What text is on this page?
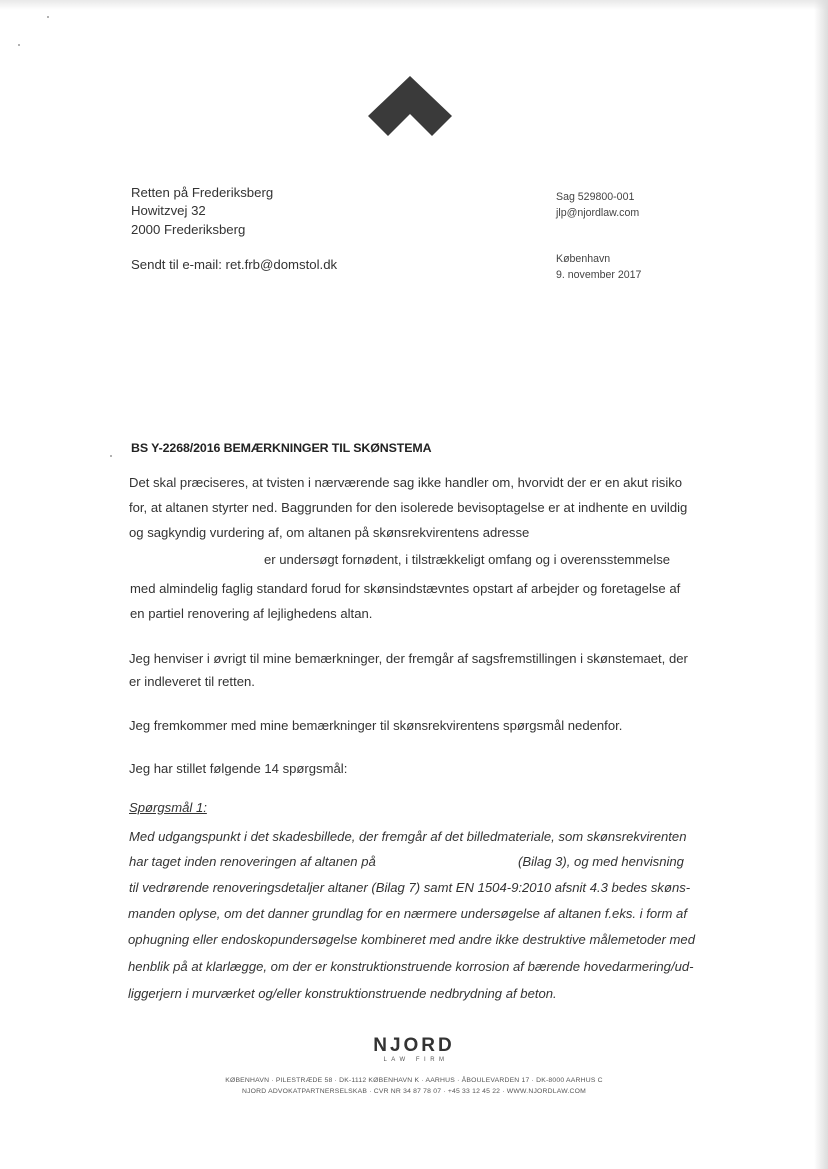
Retten på Frederiksberg
Howitzvej 32
2000 Frederiksberg
Sendt til e-mail: ret.frb@domstol.dk
Sag 529800-001
jlp@njordlaw.com
København
9. november 2017
BS Y-2268/2016 BEMÆRKNINGER TIL SKØNSTEMA
Det skal præciseres, at tvisten i nærværende sag ikke handler om, hvorvidt der er en akut risiko
for, at altanen styrter ned. Baggrunden for den isolerede bevisoptagelse er at indhente en uvildig
og sagkyndig vurdering af, om altanen på skønsrekvirentens adresse
er undersøgt fornødent, i tilstrækkeligt omfang og i overensstemmelse
med almindelig faglig standard forud for skønsindstævntes opstart af arbejder og foretagelse af
en partiel renovering af lejlighedens altan.
Jeg henviser i øvrigt til mine bemærkninger, der fremgår af sagsfremstillingen i skønstemaet, der
er indleveret til retten.
Jeg fremkommer med mine bemærkninger til skønsrekvirentens spørgsmål nedenfor.
Jeg har stillet følgende 14 spørgsmål:
Spørgsmål 1:
Med udgangspunkt i det skadesbillede, der fremgår af det billedmateriale, som skønsrekvirenten
har taget inden renoveringen af altanen på	(Bilag 3), og med henvisning
til vedrørende renoveringsdetaljer altaner (Bilag 7) samt EN 1504-9:2010 afsnit 4.3 bedes skøns-
manden oplyse, om det danner grundlag for en nærmere undersøgelse af altanen f.eks. i form af
ophugning eller endoskopundersøgelse kombineret med andre ikke destruktive målemetoder med
henblik på at klarlægge, om der er konstruktionstruende korrosion af bærende hovedarmering/ud-
liggerjern i murværket og/eller konstruktionstruende nedbrydning af beton.
NJORD
LAW FIRM
KØBENHAVN · PILESTRÆDE 58 · DK-1112 KØBENHAVN K · AARHUS · ÅBOULEVARDEN 17 · DK-8000 AARHUS C
NJORD ADVOKATPARTNERSELSKAB · CVR NR 34 87 78 07 · +45 33 12 45 22 · WWW.NJORDLAW.COM
